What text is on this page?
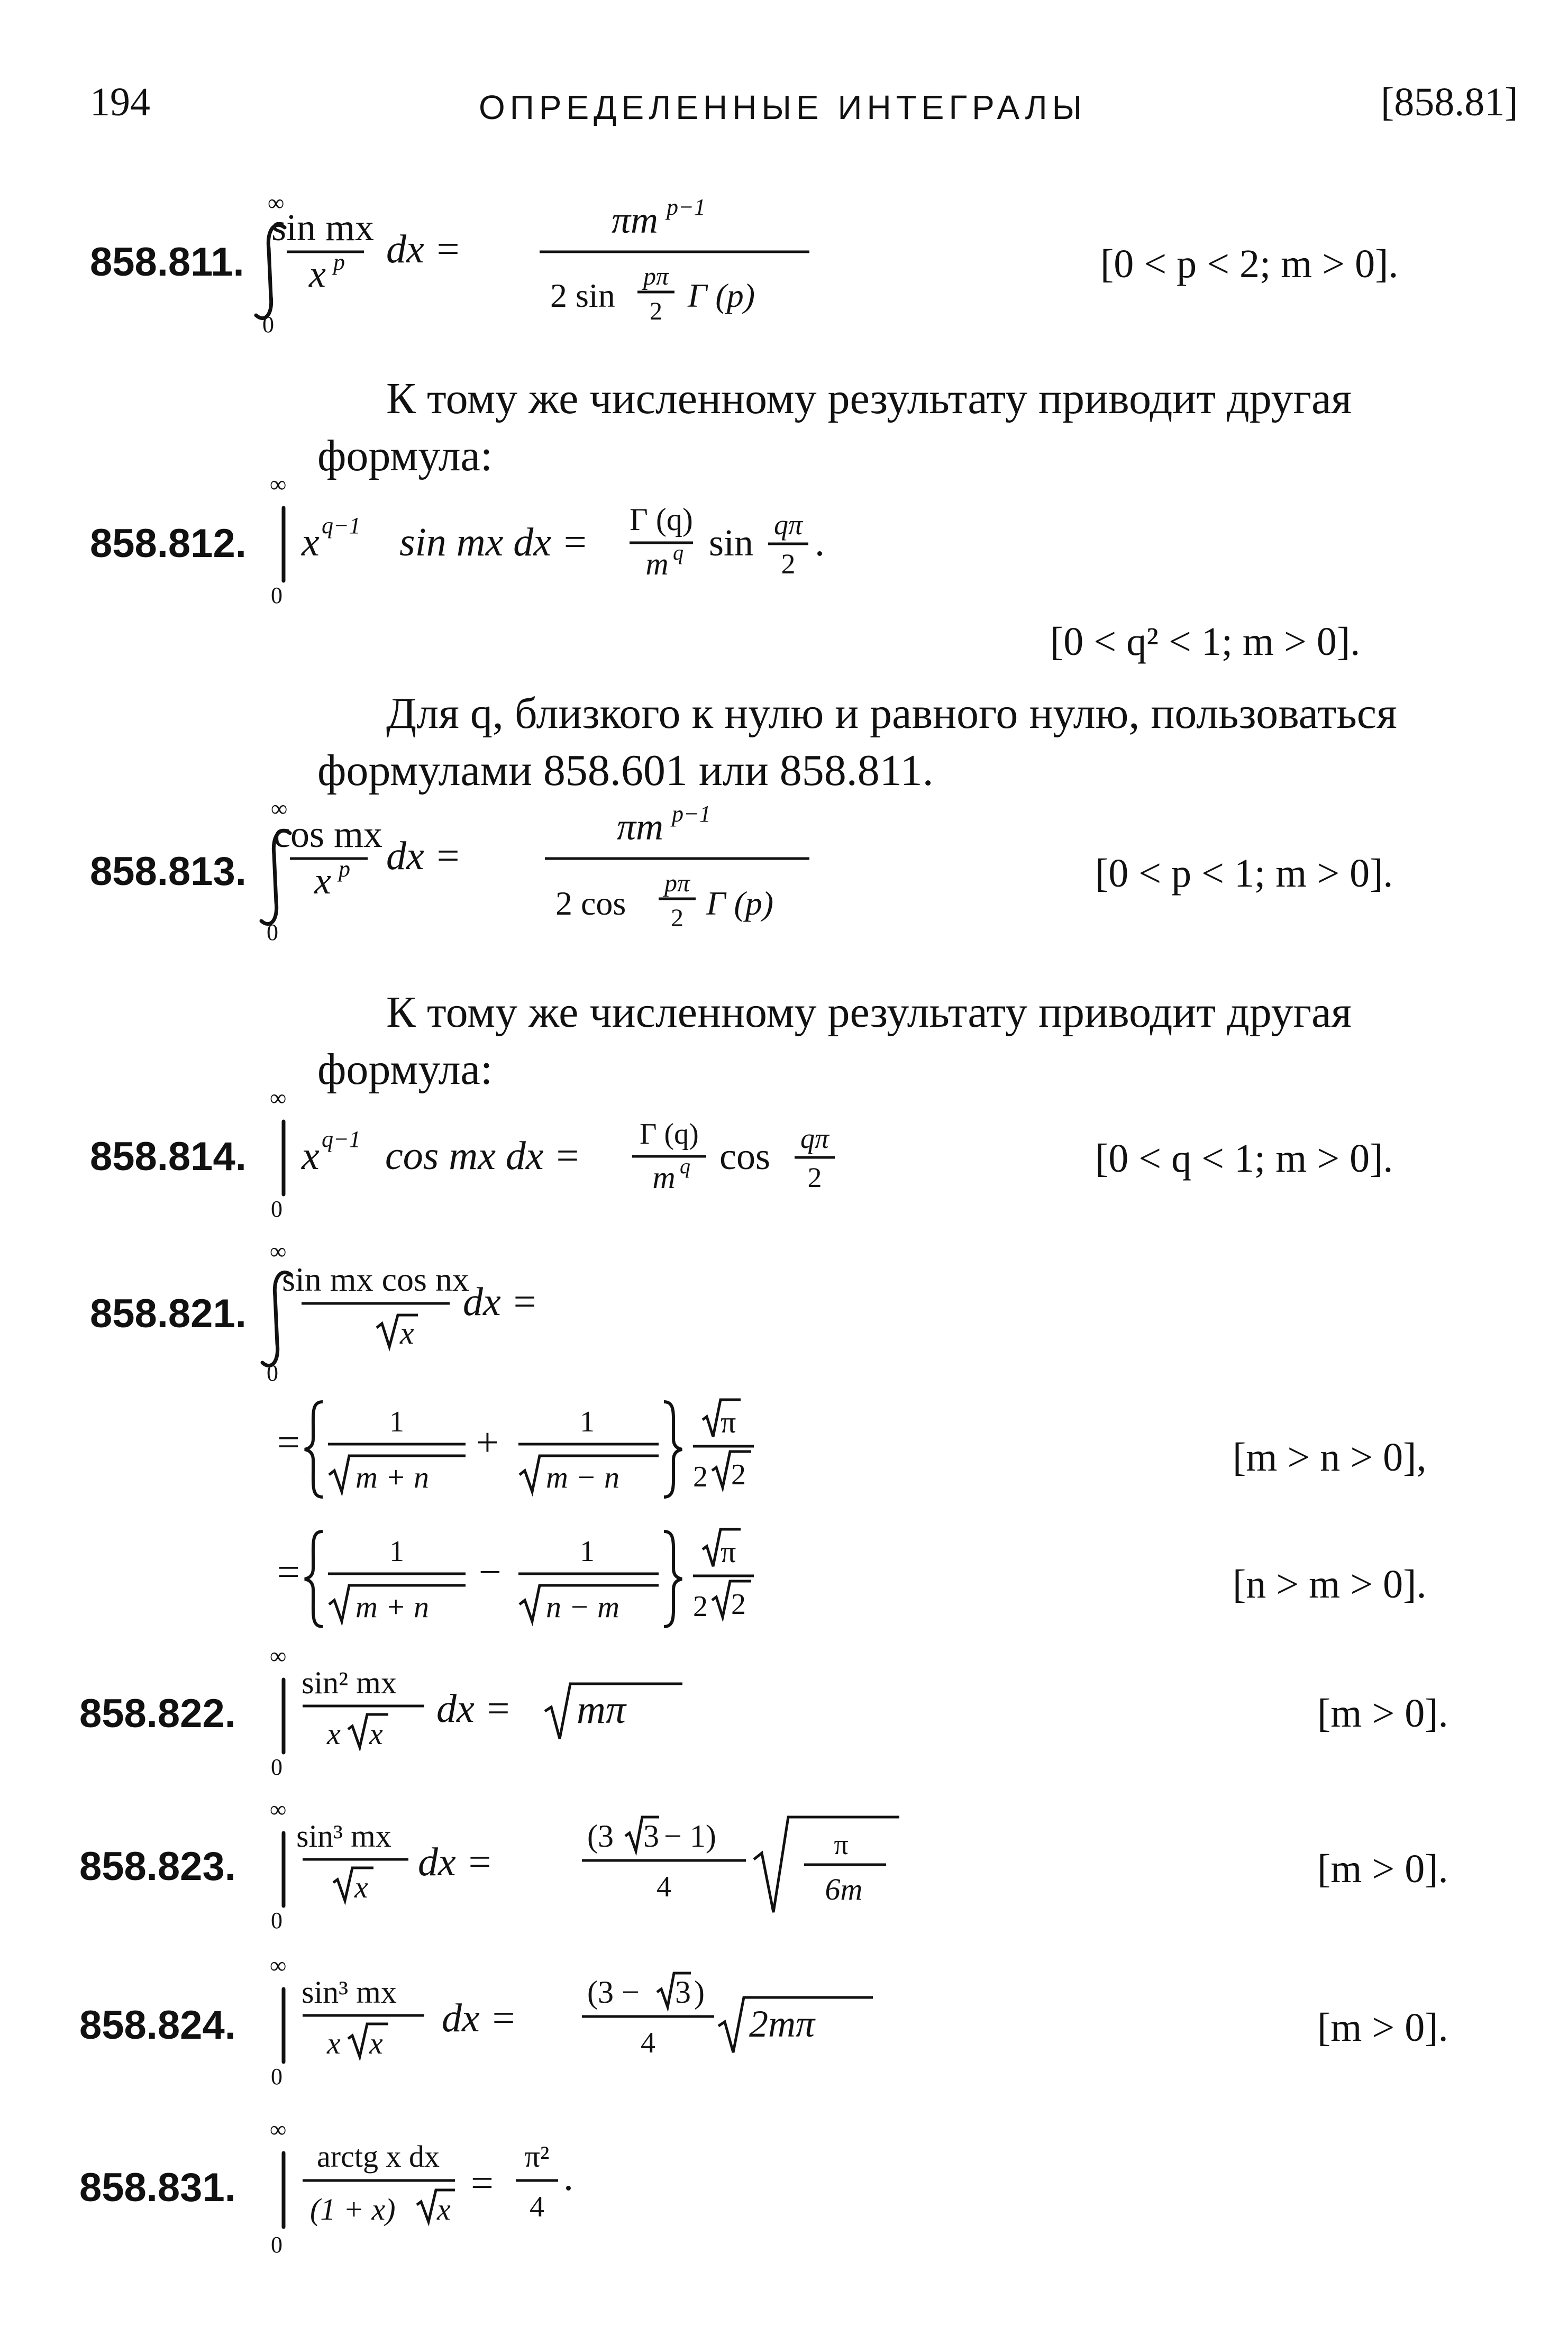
194	ОПРЕДЕЛЕННЫЕ ИНТЕГРАЛЫ	[858.81]
858.811.
∞
0
sin mx
x p dx =
πm p−1
2 sin
pπ
2 Γ (p)
[0 < p < 2; m > 0].
К тому же численному результату приводит другая формула:
858.812.
∞
0
x q−1 sin mx dx =
Γ (q)
m q sin qπ
2 .
[0 < q² < 1; m > 0].
Для q, близкого к нулю и равного нулю, пользоваться формулами 858.601 или 858.811.
858.813.
∞
0
cos mx
x p dx =
πm p−1
2 cos
pπ
2 Γ (p)
[0 < p < 1; m > 0].
К тому же численному результату приводит другая формула:
858.814.
∞
0
x q−1 cos mx dx = Γ (q)
m q cos qπ
2	[0 < q < 1; m > 0].
858.821.
∞
0
sin mx cos nx
x
dx =
=	1
m + n
+	1
m − n
π
2 2	[m > n > 0],
=	1
m + n
−	1
n − m
π
2 2	[n > m > 0].
858.822.
∞
0
sin² mx
x x
dx = mπ	[m > 0].
858.823.
∞
0
sin³ mx
x
dx =
(3 3 − 1)
4
π
6m	[m > 0].
858.824.
∞
0
sin³ mx
x x
dx =
(3 − 3 )
4 2mπ	[m > 0].
858.831.
∞
0
arctg x dx
(1 + x) x
=
π²
4
.
